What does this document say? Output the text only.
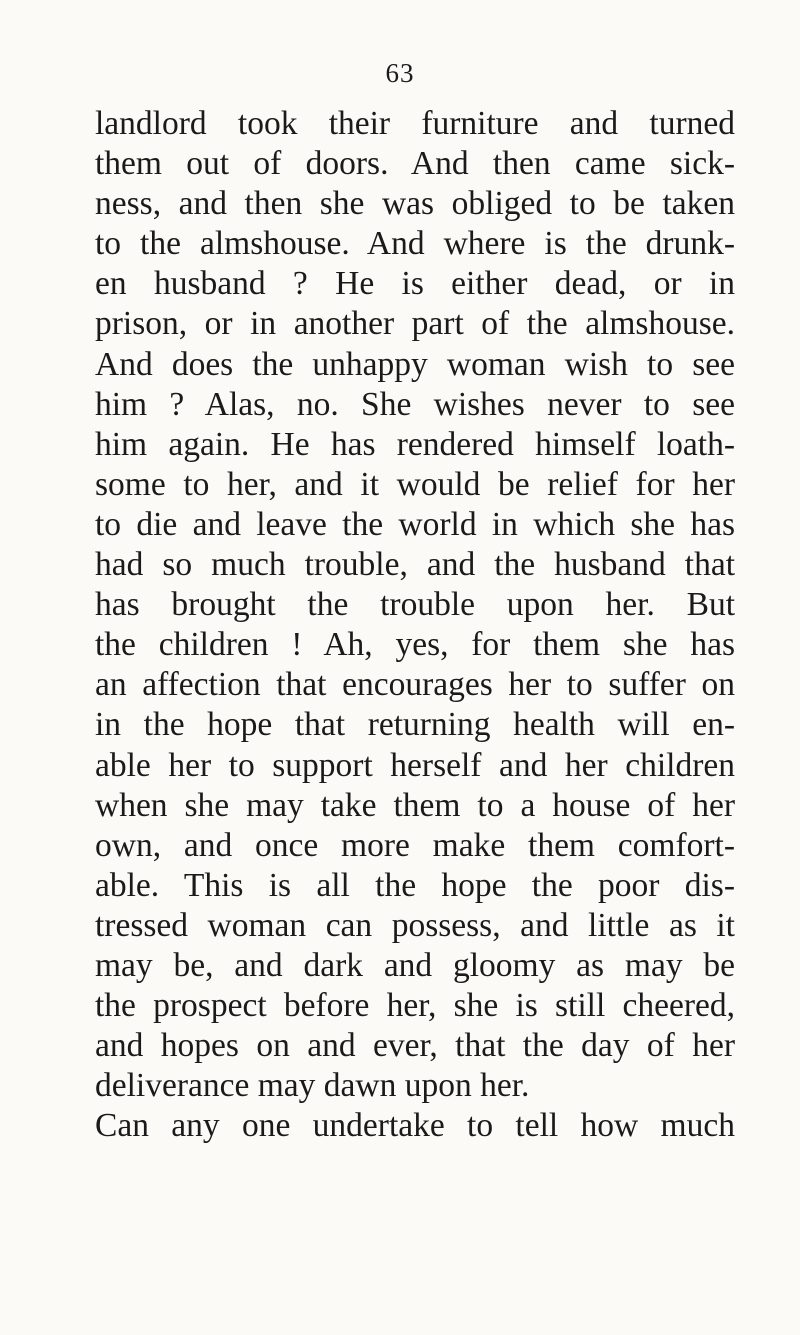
63
landlord took their furniture and turned
them out of doors. And then came sick-
ness, and then she was obliged to be taken
to the almshouse. And where is the drunk-
en husband ? He is either dead, or in
prison, or in another part of the almshouse.
And does the unhappy woman wish to see
him ? Alas, no. She wishes never to see
him again. He has rendered himself loath-
some to her, and it would be relief for her
to die and leave the world in which she has
had so much trouble, and the husband that
has brought the trouble upon her. But
the children ! Ah, yes, for them she has
an affection that encourages her to suffer on
in the hope that returning health will en-
able her to support herself and her children
when she may take them to a house of her
own, and once more make them comfort-
able. This is all the hope the poor dis-
tressed woman can possess, and little as it
may be, and dark and gloomy as may be
the prospect before her, she is still cheered,
and hopes on and ever, that the day of her
deliverance may dawn upon her.
Can any one undertake to tell how much
